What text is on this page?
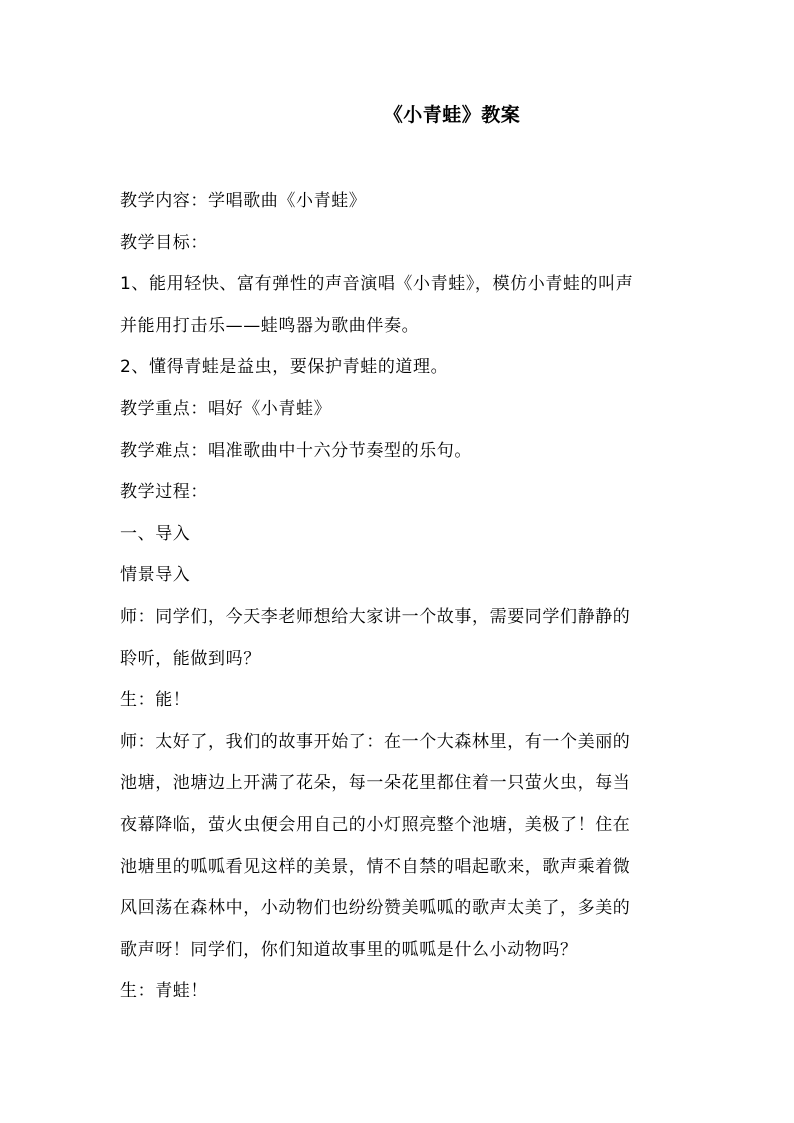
《小青蛙》教案
教学内容：学唱歌曲《小青蛙》
教学目标：
1、能用轻快、富有弹性的声音演唱《小青蛙》，模仿小青蛙的叫声
并能用打击乐——蛙鸣器为歌曲伴奏。
2、懂得青蛙是益虫，要保护青蛙的道理。
教学重点：唱好《小青蛙》
教学难点：唱准歌曲中十六分节奏型的乐句。
教学过程：
一、导入
情景导入
师：同学们，今天李老师想给大家讲一个故事，需要同学们静静的
聆听，能做到吗？
生：能！
师：太好了，我们的故事开始了：在一个大森林里，有一个美丽的
池塘，池塘边上开满了花朵，每一朵花里都住着一只萤火虫，每当
夜幕降临，萤火虫便会用自己的小灯照亮整个池塘，美极了！住在
池塘里的呱呱看见这样的美景，情不自禁的唱起歌来，歌声乘着微
风回荡在森林中，小动物们也纷纷赞美呱呱的歌声太美了，多美的
歌声呀！同学们，你们知道故事里的呱呱是什么小动物吗？
生：青蛙！
